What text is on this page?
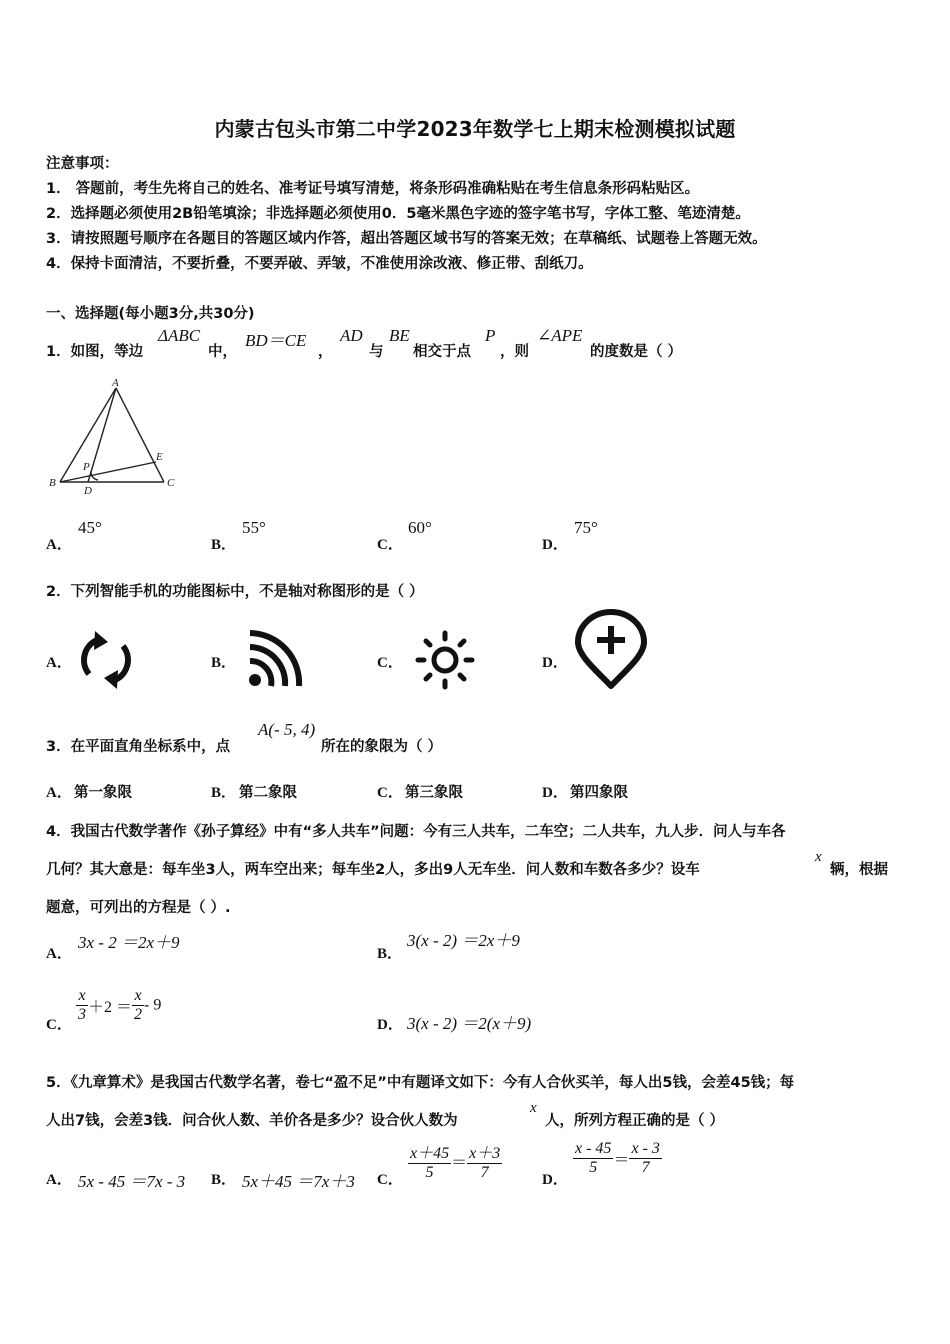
内蒙古包头市第二中学2023年数学七上期末检测模拟试题
注意事项：
1． 答题前，考生先将自己的姓名、准考证号填写清楚，将条形码准确粘贴在考生信息条形码粘贴区。
2．选择题必须使用2B铅笔填涂；非选择题必须使用0．5毫米黑色字迹的签字笔书写，字体工整、笔迹清楚。
3．请按照题号顺序在各题目的答题区域内作答，超出答题区域书写的答案无效；在草稿纸、试题卷上答题无效。
4．保持卡面清洁，不要折叠，不要弄破、弄皱，不准使用涂改液、修正带、刮纸刀。
一、选择题(每小题3分,共30分)
1．如图，等边
ΔABC
中，
BD＝CE
，
AD
与
BE
相交于点
P
，则
∠APE
的度数是（ ）
A
B	C
D
E
P
A．
45°
B．
55°
C．
60°
D．
75°
2．下列智能手机的功能图标中，不是轴对称图形的是（ ）
A．	B．	C．	D．
3．在平面直角坐标系中，点
A(- 5, 4)
所在的象限为（ ）
A． 第一象限	B． 第二象限	C． 第三象限	D． 第四象限
4．我国古代数学著作《孙子算经》中有“多人共车”问题：今有三人共车，二车空；二人共车，九人步．问人与车各
几何？其大意是：每车坐3人，两车空出来；每车坐2人，多出9人无车坐．问人数和车数各多少？设车
x
辆，根据
题意，可列出的方程是（ ）.
A．
3x - 2 ＝2x＋9
B．
3(x - 2) ＝2x＋9
C．
$\frac{x}{3} +2 = \frac{x}{2} - 9$
D． 3(x - 2) ＝2(x＋9)
5．《九章算术》是我国古代数学名著，卷七“盈不足”中有题译文如下：今有人合伙买羊，每人出5钱，会差45钱；每
人出7钱，会差3钱．问合伙人数、羊价各是多少？设合伙人数为
x
人，所列方程正确的是（ ）
A． 5x - 45 ＝7x - 3 B． 5x＋45 ＝7x＋3 C． $\frac{x+45}{5} = \frac{x+3}{7}$	D．
$\frac{x - 45}{5} = \frac{x - 3}{7}$
